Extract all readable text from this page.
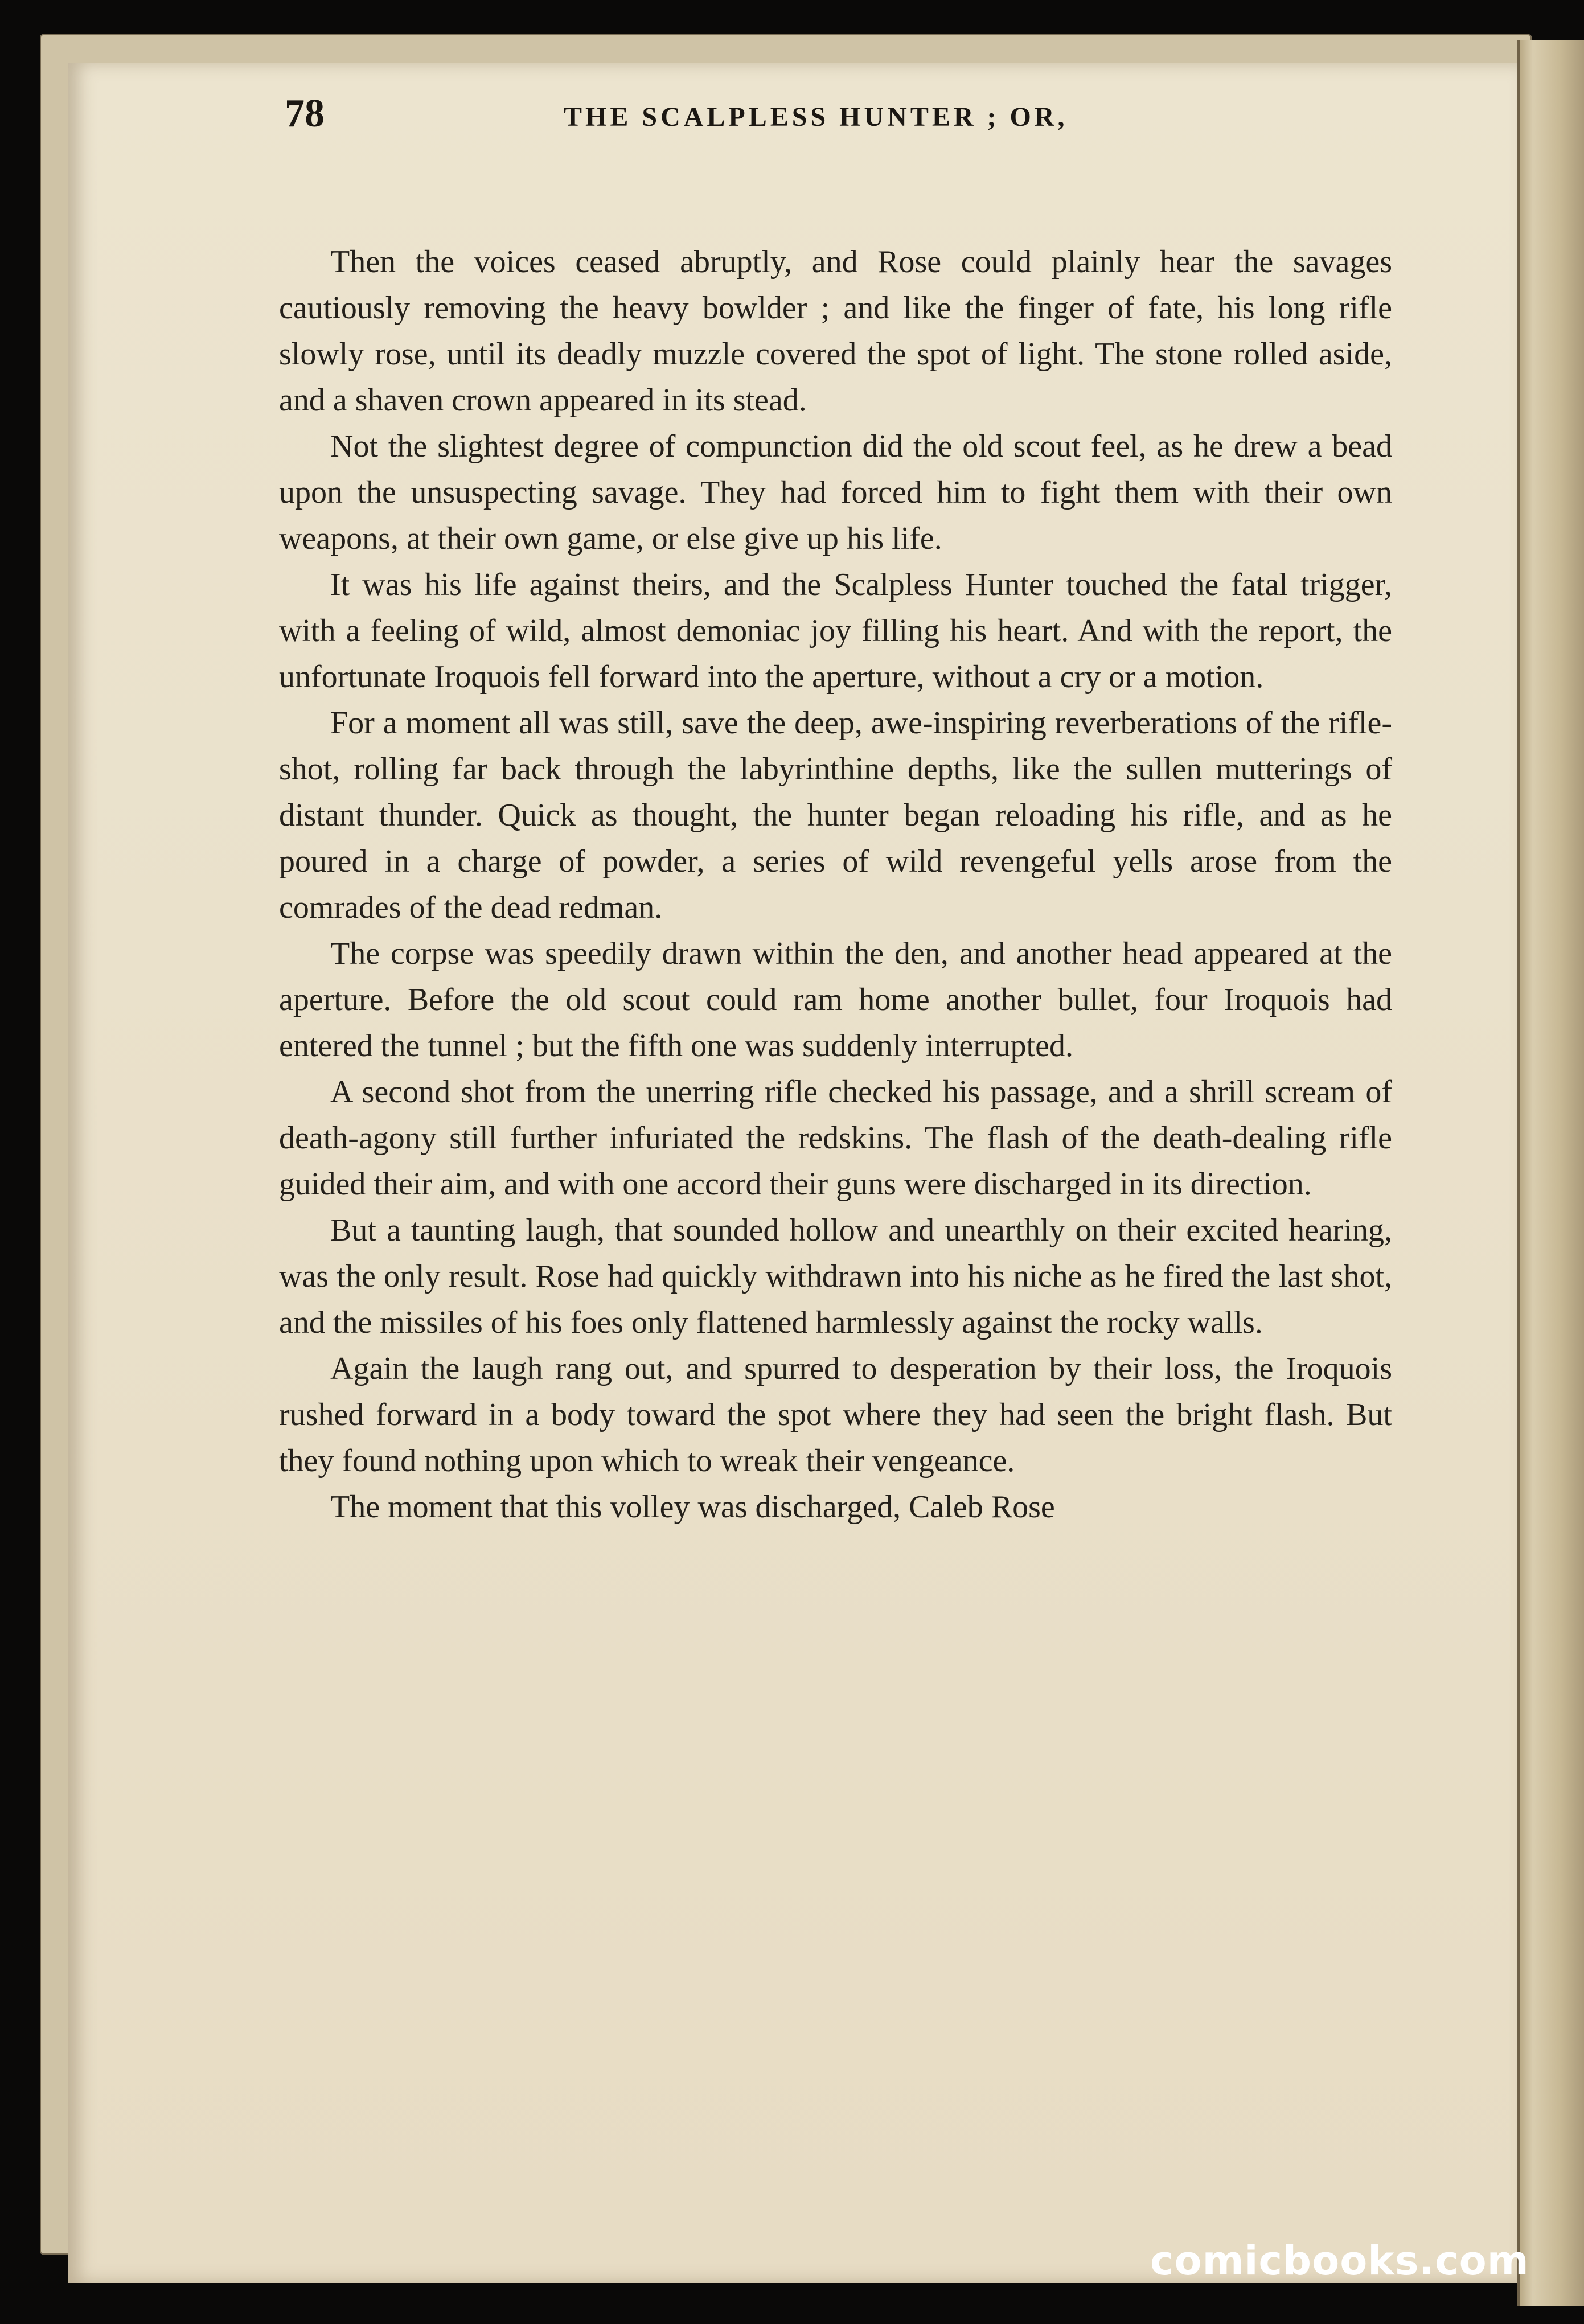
78	THE SCALPLESS HUNTER ; OR,

Then the voices ceased abruptly, and Rose could plainly hear the savages cautiously removing the heavy bowlder ; and like the finger of fate, his long rifle slowly rose, until its deadly muzzle covered the spot of light. The stone rolled aside, and a shaven crown appeared in its stead.

Not the slightest degree of compunction did the old scout feel, as he drew a bead upon the unsuspecting savage. They had forced him to fight them with their own weapons, at their own game, or else give up his life.

It was his life against theirs, and the Scalpless Hunter touched the fatal trigger, with a feeling of wild, almost demoniac joy filling his heart. And with the report, the unfortunate Iroquois fell forward into the aperture, without a cry or a motion.

For a moment all was still, save the deep, awe-inspiring reverberations of the rifle-shot, rolling far back through the labyrinthine depths, like the sullen mutterings of distant thunder. Quick as thought, the hunter began reloading his rifle, and as he poured in a charge of powder, a series of wild revengeful yells arose from the comrades of the dead redman.

The corpse was speedily drawn within the den, and another head appeared at the aperture. Before the old scout could ram home another bullet, four Iroquois had entered the tunnel ; but the fifth one was suddenly interrupted.

A second shot from the unerring rifle checked his passage, and a shrill scream of death-agony still further infuriated the redskins. The flash of the death-dealing rifle guided their aim, and with one accord their guns were discharged in its direction.

But a taunting laugh, that sounded hollow and unearthly on their excited hearing, was the only result. Rose had quickly withdrawn into his niche as he fired the last shot, and the missiles of his foes only flattened harmlessly against the rocky walls.

Again the laugh rang out, and spurred to desperation by their loss, the Iroquois rushed forward in a body toward the spot where they had seen the bright flash. But they found nothing upon which to wreak their vengeance.

The moment that this volley was discharged, Caleb Rose

comicbooks.com
